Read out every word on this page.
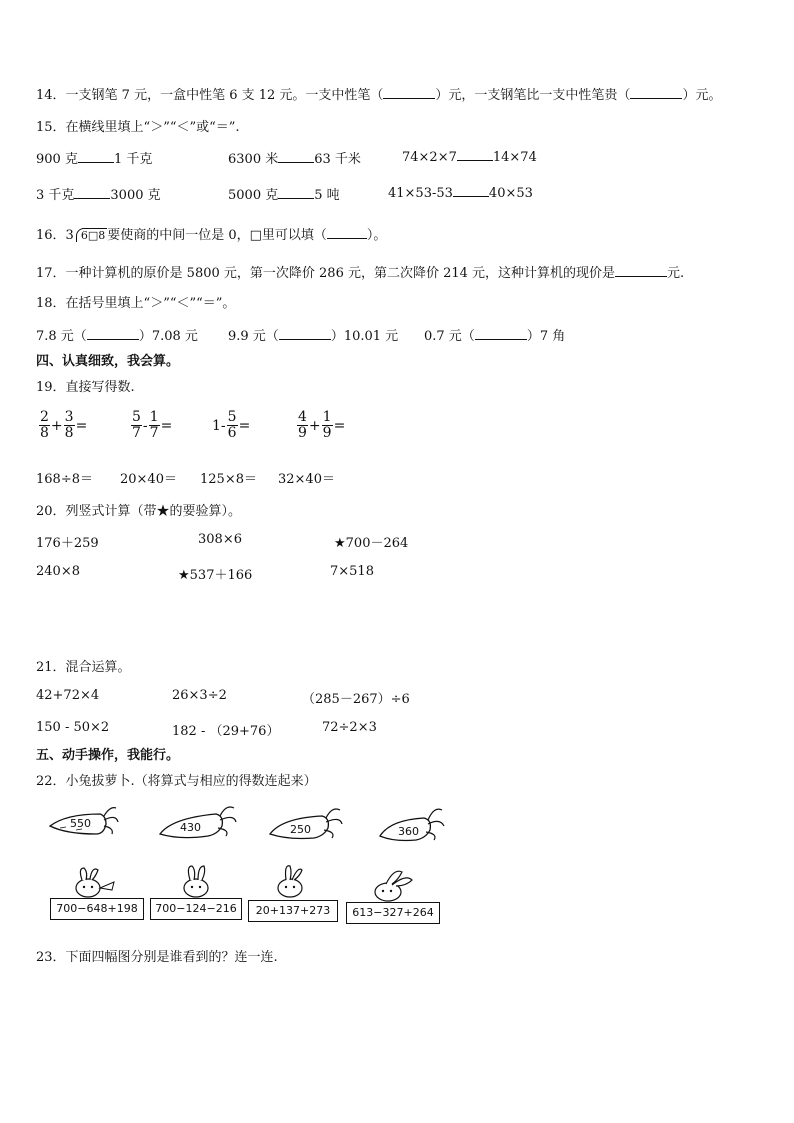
14．一支钢笔 7 元，一盒中性笔 6 支 12 元。一支中性笔（	）元，一支钢笔比一支中性笔贵（	）元。
15．在横线里填上“＞”“＜”或“＝”.
900 克	1 千克	6300 米	63 千米	74×2×7	14×74
3 千克	3000 克	5000 克	5 吨	41×53-53	40×53
16．3 6□8 要使商的中间一位是 0，□里可以填（	）。
17．一种计算机的原价是 5800 元，第一次降价 286 元，第二次降价 214 元，这种计算机的现价是	元.
18．在括号里填上“＞”“＜”“＝”。
7.8 元（	）7.08 元 9.9 元（	）10.01 元 0.7 元（	）7 角
四、认真细致，我会算。
19．直接写得数.
$\frac{2}{8} + \frac{3}{8}$ =	$\frac{5}{7} - \frac{1}{7}$ =	$1- \frac{5}{6}$ =	$\frac{4}{9} + \frac{1}{9}$ =
168÷8＝ 20×40＝ 125×8＝ 32×40＝
20．列竖式计算（带★的要验算）。
176＋259	308×6	★700－264
240×8	★537＋166	7×518
21．混合运算。
42+72×4	26×3÷2	（285－267）÷6
150 - 50×2	182 - （29+76）	72÷2×3
五、动手操作，我能行。
22．小兔拔萝卜.（将算式与相应的得数连起来）
550	430	250	360
700−648+198	700−124−216	20+137+273	613−327+264
23．下面四幅图分别是谁看到的？连一连.
